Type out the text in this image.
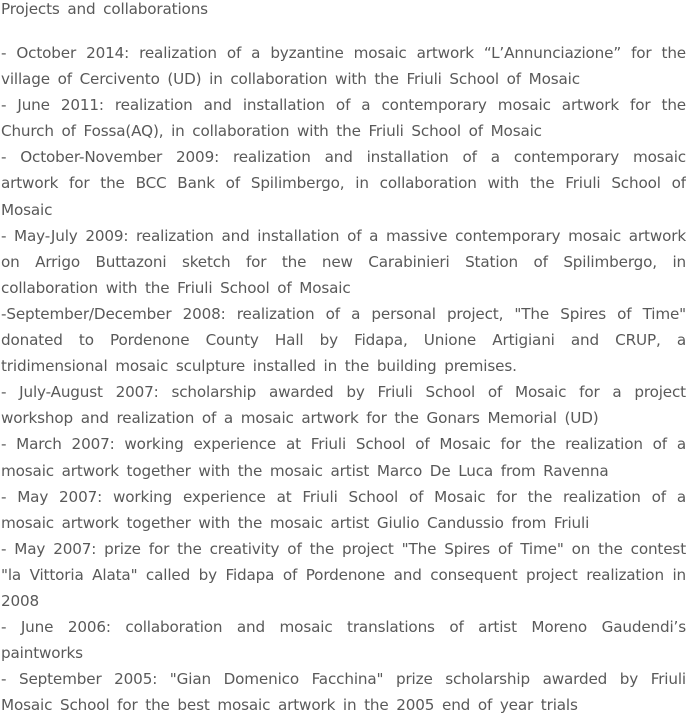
Projects and collaborations
- October 2014: realization of a byzantine mosaic artwork “L’Annunciazione” for the village of Cercivento (UD) in collaboration with the Friuli School of Mosaic
- June 2011: realization and installation of a contemporary mosaic artwork for the Church of Fossa(AQ), in collaboration with the Friuli School of Mosaic
- October-November 2009: realization and installation of a contemporary mosaic artwork for the BCC Bank of Spilimbergo, in collaboration with the Friuli School of Mosaic
- May-July 2009: realization and installation of a massive contemporary mosaic artwork on Arrigo Buttazoni sketch for the new Carabinieri Station of Spilimbergo, in collaboration with the Friuli School of Mosaic
-September/December 2008: realization of a personal project, "The Spires of Time" donated to Pordenone County Hall by Fidapa, Unione Artigiani and CRUP, a tridimensional mosaic sculpture installed in the building premises.
- July-August 2007: scholarship awarded by Friuli School of Mosaic for a project workshop and realization of a mosaic artwork for the Gonars Memorial (UD)
- March 2007: working experience at Friuli School of Mosaic for the realization of a mosaic artwork together with the mosaic artist Marco De Luca from Ravenna
- May 2007: working experience at Friuli School of Mosaic for the realization of a mosaic artwork together with the mosaic artist Giulio Candussio from Friuli
- May 2007: prize for the creativity of the project "The Spires of Time" on the contest "la Vittoria Alata" called by Fidapa of Pordenone and consequent project realization in 2008
- June 2006: collaboration and mosaic translations of artist Moreno Gaudendi’s paintworks
- September 2005: "Gian Domenico Facchina" prize scholarship awarded by Friuli Mosaic School for the best mosaic artwork in the 2005 end of year trials
